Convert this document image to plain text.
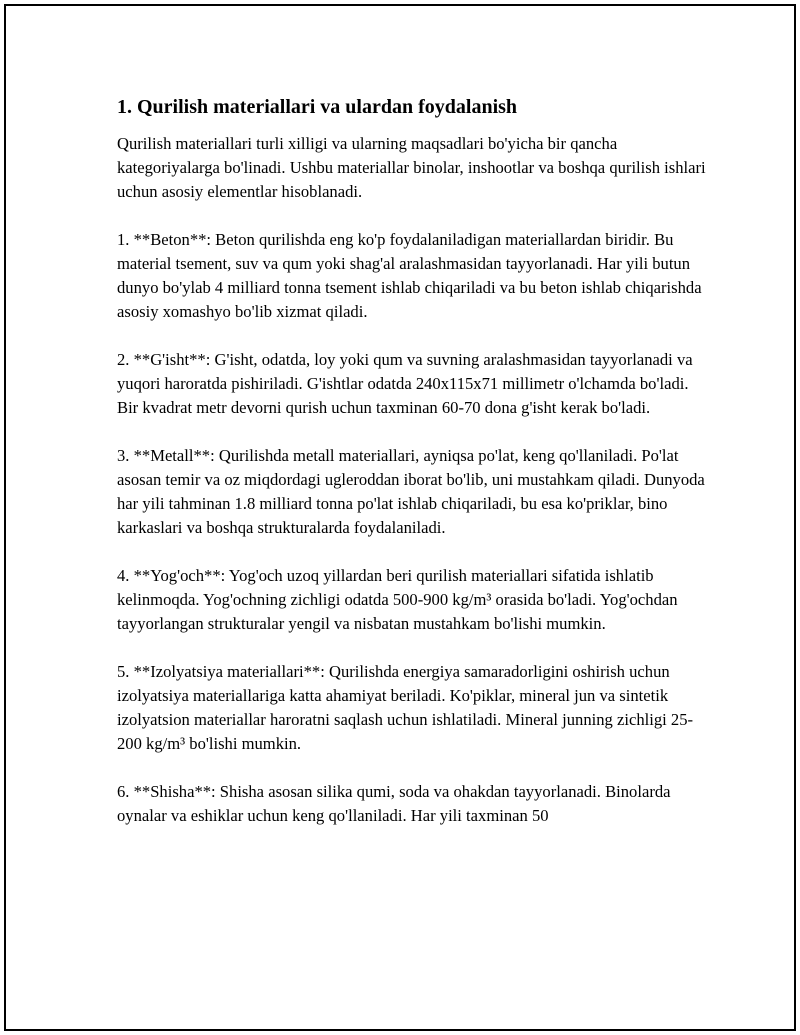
1. Qurilish materiallari va ulardan foydalanish

Qurilish materiallari turli xilligi va ularning maqsadlari bo'yicha bir qancha kategoriyalarga bo'linadi. Ushbu materiallar binolar, inshootlar va boshqa qurilish ishlari uchun asosiy elementlar hisoblanadi.

1. **Beton**: Beton qurilishda eng ko'p foydalaniladigan materiallardan biridir. Bu material tsement, suv va qum yoki shag'al aralashmasidan tayyorlanadi. Har yili butun dunyo bo'ylab 4 milliard tonna tsement ishlab chiqariladi va bu beton ishlab chiqarishda asosiy xomashyo bo'lib xizmat qiladi.

2. **G'isht**: G'isht, odatda, loy yoki qum va suvning aralashmasidan tayyorlanadi va yuqori haroratda pishiriladi. G'ishtlar odatda 240x115x71 millimetr o'lchamda bo'ladi. Bir kvadrat metr devorni qurish uchun taxminan 60-70 dona g'isht kerak bo'ladi.

3. **Metall**: Qurilishda metall materiallari, ayniqsa po'lat, keng qo'llaniladi. Po'lat asosan temir va oz miqdordagi ugleroddan iborat bo'lib, uni mustahkam qiladi. Dunyoda har yili tahminan 1.8 milliard tonna po'lat ishlab chiqariladi, bu esa ko'priklar, bino karkaslari va boshqa strukturalarda foydalaniladi.

4. **Yog'och**: Yog'och uzoq yillardan beri qurilish materiallari sifatida ishlatib kelinmoqda. Yog'ochning zichligi odatda 500-900 kg/m³ orasida bo'ladi. Yog'ochdan tayyorlangan strukturalar yengil va nisbatan mustahkam bo'lishi mumkin.

5. **Izolyatsiya materiallari**: Qurilishda energiya samaradorligini oshirish uchun izolyatsiya materiallariga katta ahamiyat beriladi. Ko'piklar, mineral jun va sintetik izolyatsion materiallar haroratni saqlash uchun ishlatiladi. Mineral junning zichligi 25-200 kg/m³ bo'lishi mumkin.

6. **Shisha**: Shisha asosan silika qumi, soda va ohakdan tayyorlanadi. Binolarda oynalar va eshiklar uchun keng qo'llaniladi. Har yili taxminan 50
